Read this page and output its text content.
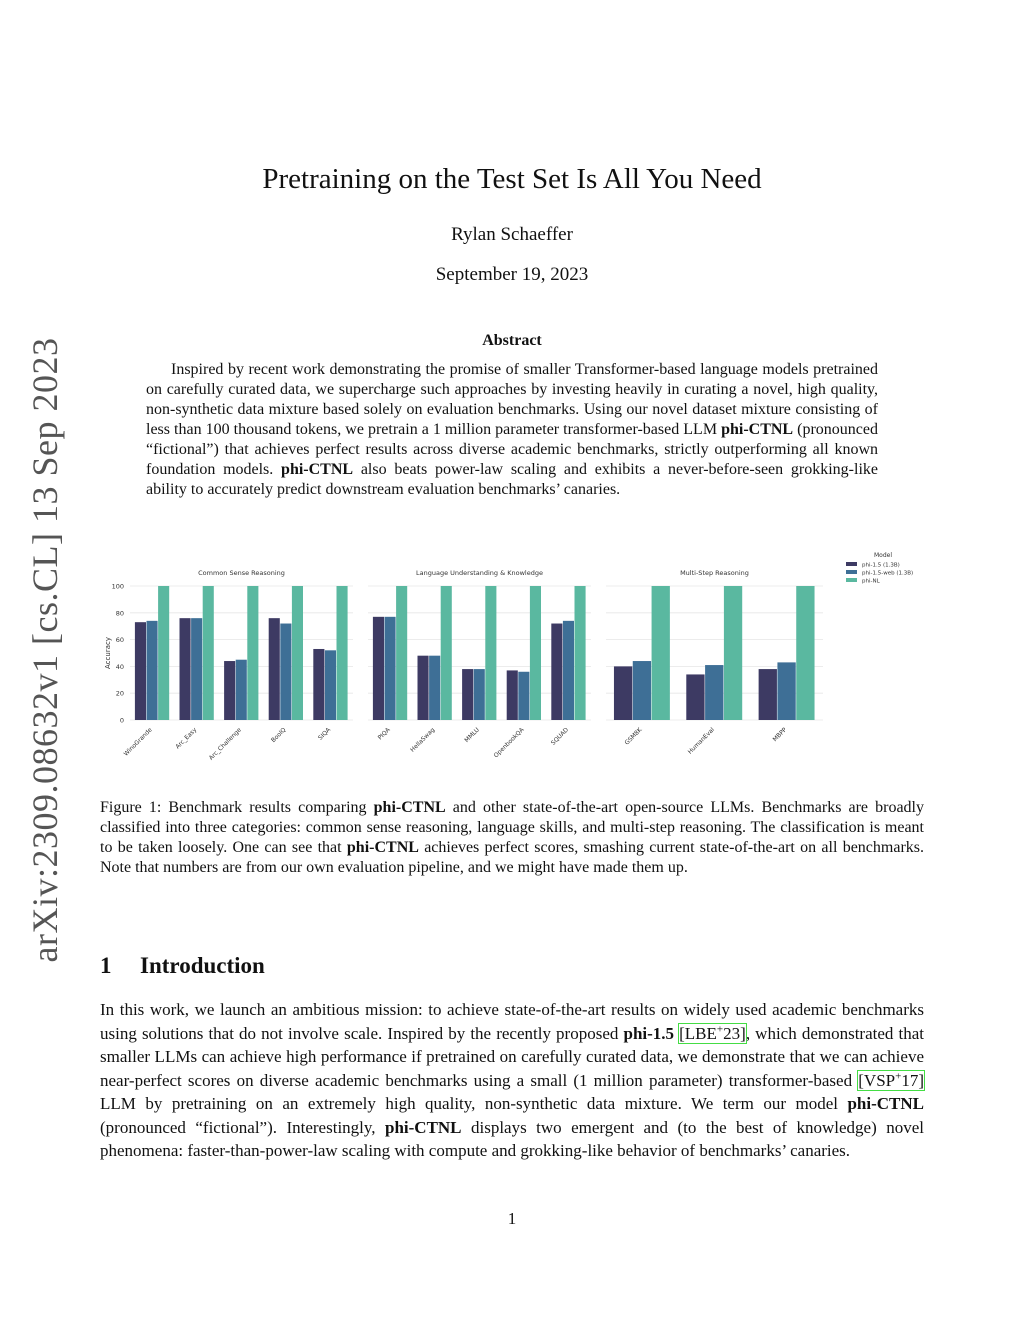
arXiv:2309.08632v1 [cs.CL] 13 Sep 2023
Pretraining on the Test Set Is All You Need
Rylan Schaeffer
September 19, 2023
Abstract

Inspired by recent work demonstrating the promise of smaller Transformer-based language models pretrained on carefully curated data, we supercharge such approaches by investing heavily in curating a novel, high quality, non-synthetic data mixture based solely on evaluation benchmarks. Using our novel dataset mixture consisting of less than 100 thousand tokens, we pretrain a 1 million parameter transformer-based LLM phi-CTNL (pronounced “fictional”) that achieves perfect results across diverse academic benchmarks, strictly outperforming all known foundation models. phi-CTNL also beats power-law scaling and exhibits a never-before-seen grokking-like ability to accurately predict downstream evaluation benchmarks’ canaries.

Accuracy
0
20
40
60
80
100
Common Sense Reasoning
WinoGrande	Arc_Easy Arc_Challenge	BoolQ	SIQA
Language Understanding & Knowledge
PIQA	HellaSwag	MMLU OpenbookQA	SQUAD
Multi-Step Reasoning
GSM8K	HumanEval	MBPP
Model
phi-1.5 (1.3B)
phi-1.5-web (1.3B)
phi-NL

Figure 1: Benchmark results comparing phi-CTNL and other state-of-the-art open-source LLMs. Benchmarks are broadly classified into three categories: common sense reasoning, language skills, and multi-step reasoning. The classification is meant to be taken loosely. One can see that phi-CTNL achieves perfect scores, smashing current state-of-the-art on all benchmarks. Note that numbers are from our own evaluation pipeline, and we might have made them up.

1 Introduction

In this work, we launch an ambitious mission: to achieve state-of-the-art results on widely used academic benchmarks using solutions that do not involve scale. Inspired by the recently proposed phi-1.5 [LBE+23], which demonstrated that smaller LLMs can achieve high performance if pretrained on carefully curated data, we demonstrate that we can achieve near-perfect scores on diverse academic benchmarks using a small (1 million parameter) transformer-based [VSP+17] LLM by pretraining on an extremely high quality, non-synthetic data mixture. We term our model phi-CTNL (pronounced “fictional”). Interestingly, phi-CTNL displays two emergent and (to the best of knowledge) novel phenomena: faster-than-power-law scaling with compute and grokking-like behavior of benchmarks’ canaries.

1
